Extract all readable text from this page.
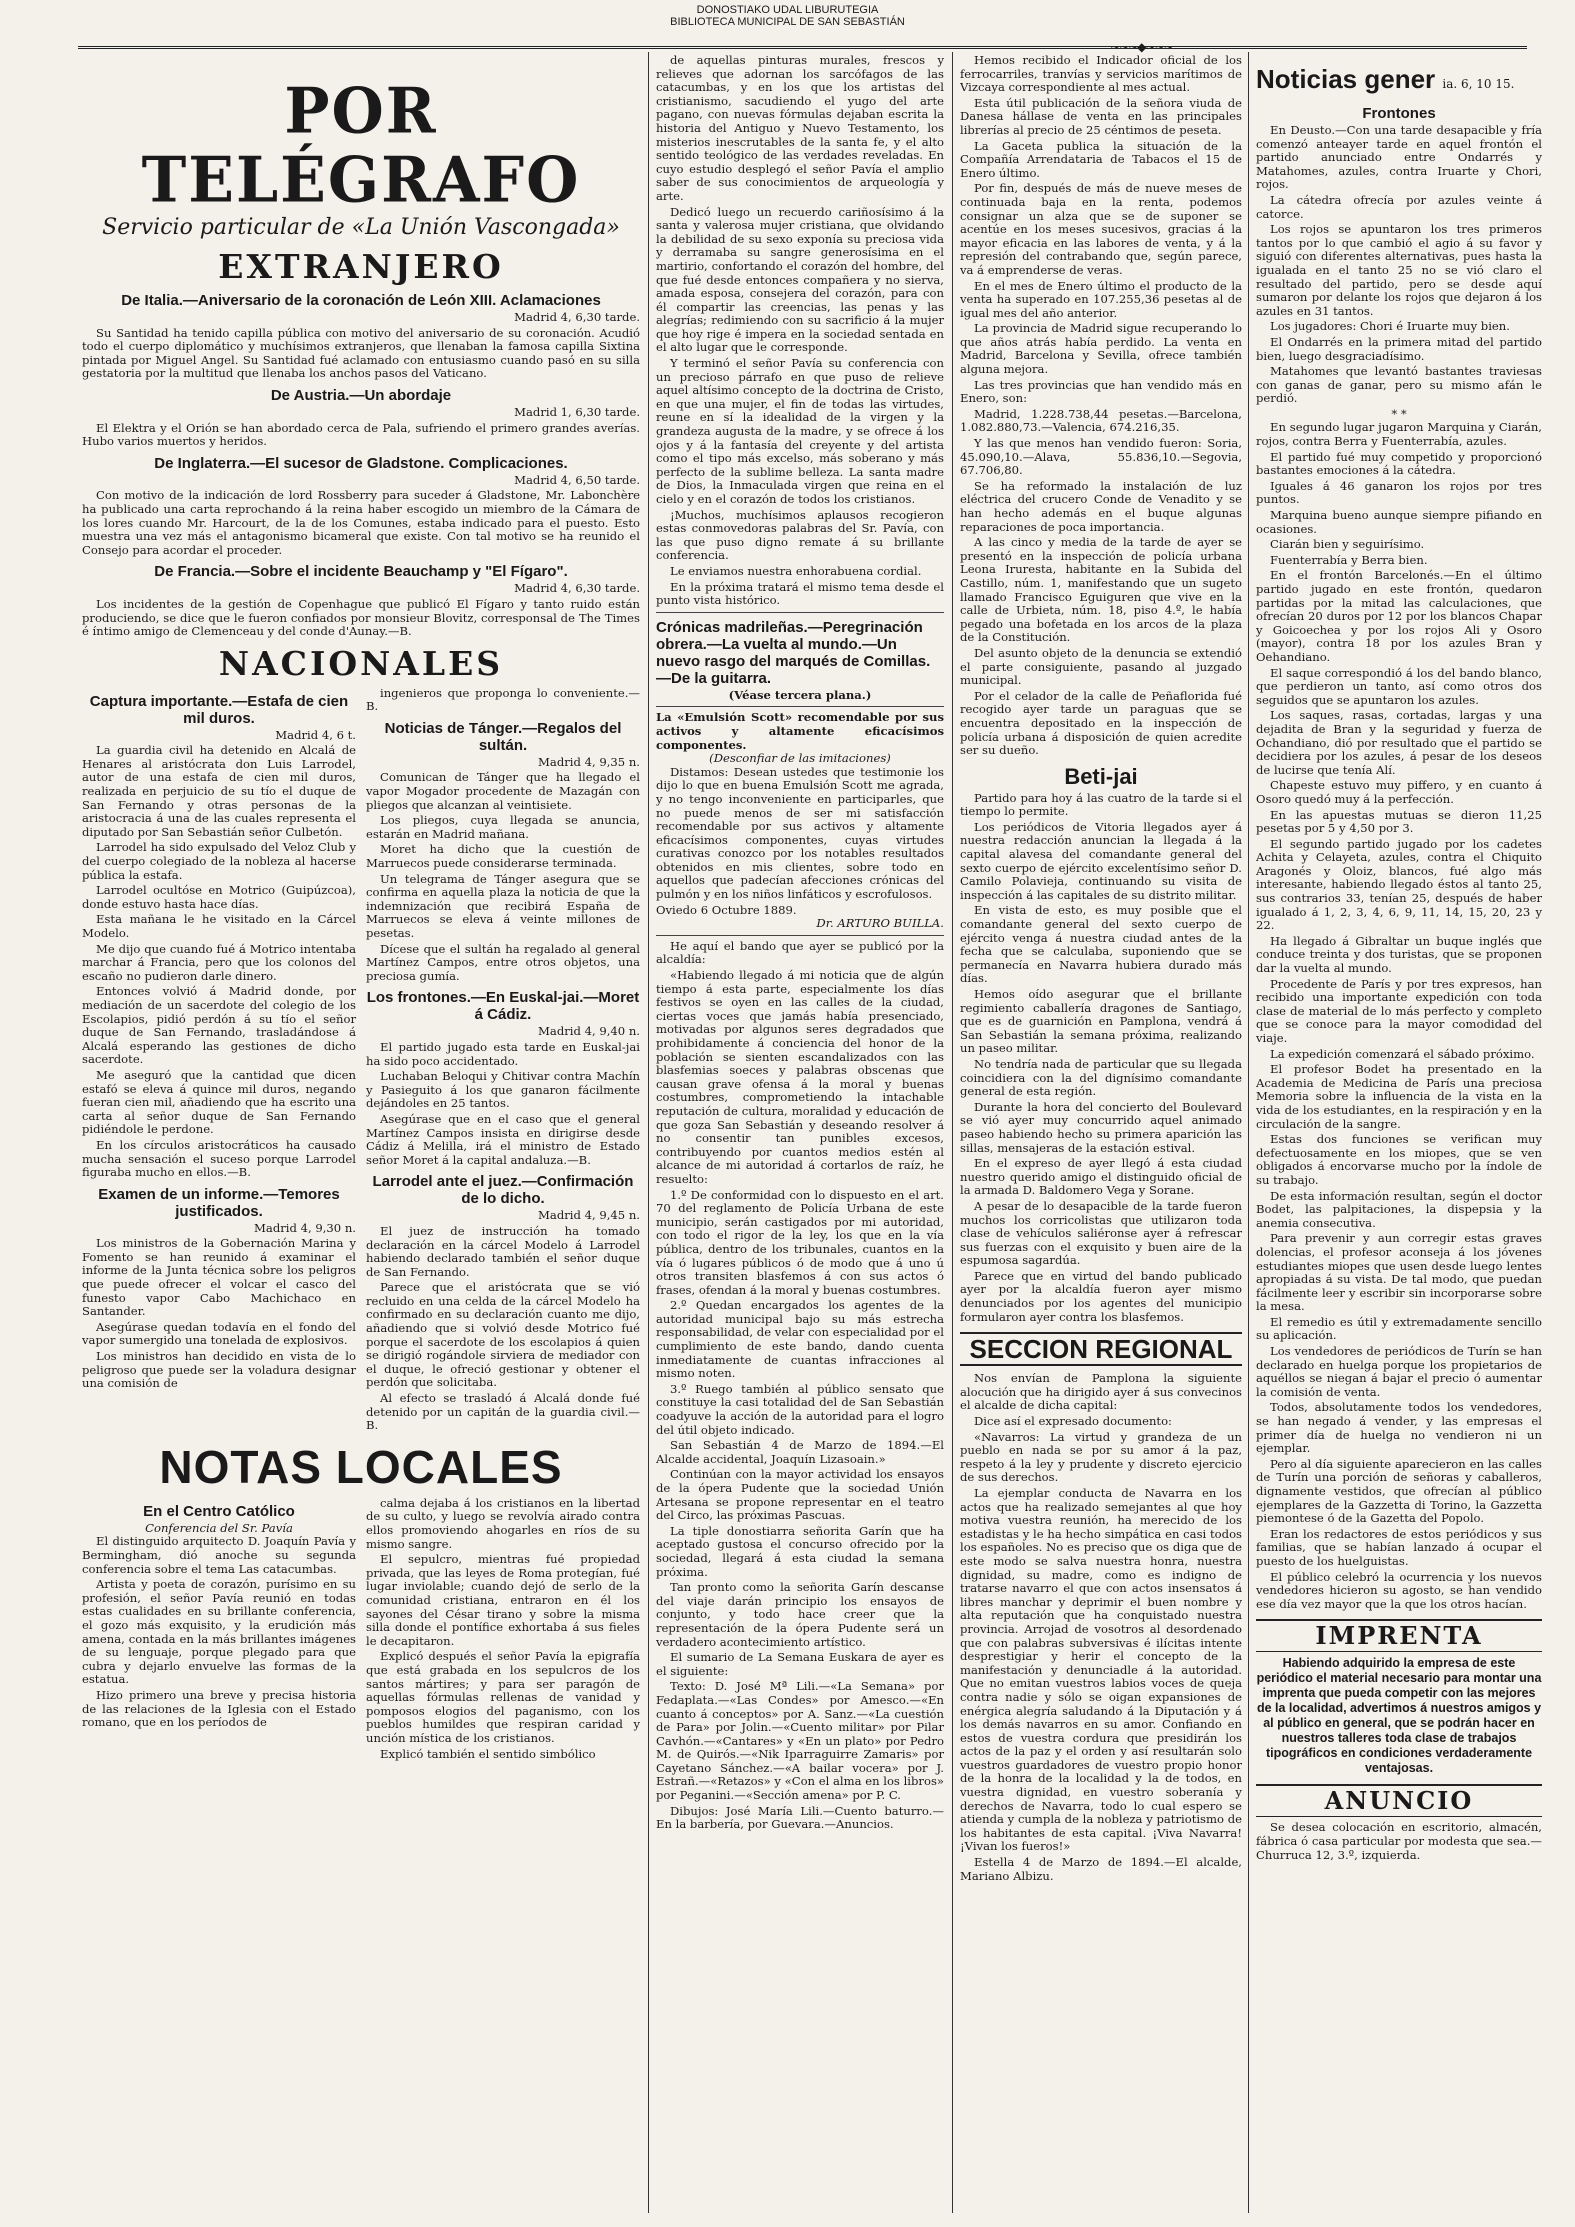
DONOSTIAKO UDAL LIBURUTEGIA
BIBLIOTECA MUNICIPAL DE SAN SEBASTIÁN
~~~◆~~~
POR TELÉGRAFO
Servicio particular de «La Unión Vascongada»
EXTRANJERO
De Italia.—Aniversario de la coronación de León XIII. Aclamaciones
Madrid 4, 6,30 tarde.

Su Santidad ha tenido capilla pública con motivo del aniversario de su coronación. Acudió todo el cuerpo diplomático y muchísimos extranjeros, que llenaban la famosa capilla Sixtina pintada por Miguel Angel. Su Santidad fué aclamado con entusiasmo cuando pasó en su silla gestatoria por la multitud que llenaba los anchos pasos del Vaticano.

De Austria.—Un abordaje
Madrid 1, 6,30 tarde.

El Elektra y el Orión se han abordado cerca de Pala, sufriendo el primero grandes averías. Hubo varios muertos y heridos.

De Inglaterra.—El sucesor de Gladstone. Complicaciones.
Madrid 4, 6,50 tarde.

Con motivo de la indicación de lord Rossberry para suceder á Gladstone, Mr. Labonchère ha publicado una carta reprochando á la reina haber escogido un miembro de la Cámara de los lores cuando Mr. Harcourt, de la de los Comunes, estaba indicado para el puesto. Esto muestra una vez más el antagonismo bicameral que existe. Con tal motivo se ha reunido el Consejo para acordar el proceder.

De Francia.—Sobre el incidente Beauchamp y "El Fígaro".
Madrid 4, 6,30 tarde.

Los incidentes de la gestión de Copenhague que publicó El Fígaro y tanto ruido están produciendo, se dice que le fueron confiados por monsieur Blovitz, corresponsal de The Times é íntimo amigo de Clemenceau y del conde d'Aunay.—B.

NACIONALES
Captura importante.—Estafa de cien mil duros.
Madrid 4, 6 t.

La guardia civil ha detenido en Alcalá de Henares al aristócrata don Luis Larrodel, autor de una estafa de cien mil duros, realizada en perjuicio de su tío el duque de San Fernando y otras personas de la aristocracia á una de las cuales representa el diputado por San Sebastián señor Culbetón.

Larrodel ha sido expulsado del Veloz Club y del cuerpo colegiado de la nobleza al hacerse pública la estafa.

Larrodel ocultóse en Motrico (Guipúzcoa), donde estuvo hasta hace días.

Esta mañana le he visitado en la Cárcel Modelo.

Me dijo que cuando fué á Motrico intentaba marchar á Francia, pero que los colonos del escaño no pudieron darle dinero.

Entonces volvió á Madrid donde, por mediación de un sacerdote del colegio de los Escolapios, pidió perdón á su tío el señor duque de San Fernando, trasladándose á Alcalá esperando las gestiones de dicho sacerdote.

Me aseguró que la cantidad que dicen estafó se eleva á quince mil duros, negando fueran cien mil, añadiendo que ha escrito una carta al señor duque de San Fernando pidiéndole le perdone.

En los círculos aristocráticos ha causado mucha sensación el suceso porque Larrodel figuraba mucho en ellos.—B.

Examen de un informe.—Temores justificados.
Madrid 4, 9,30 n.

Los ministros de la Gobernación Marina y Fomento se han reunido á examinar el informe de la Junta técnica sobre los peligros que puede ofrecer el volcar el casco del funesto vapor Cabo Machichaco en Santander.

Asegúrase quedan todavía en el fondo del vapor sumergido una tonelada de explosivos.

Los ministros han decidido en vista de lo peligroso que puede ser la voladura designar una comisión de

ingenieros que proponga lo conveniente.—B.

Noticias de Tánger.—Regalos del sultán.
Madrid 4, 9,35 n.

Comunican de Tánger que ha llegado el vapor Mogador procedente de Mazagán con pliegos que alcanzan al veintisiete.

Los pliegos, cuya llegada se anuncia, estarán en Madrid mañana.

Moret ha dicho que la cuestión de Marruecos puede considerarse terminada.

Un telegrama de Tánger asegura que se confirma en aquella plaza la noticia de que la indemnización que recibirá España de Marruecos se eleva á veinte millones de pesetas.

Dícese que el sultán ha regalado al general Martínez Campos, entre otros objetos, una preciosa gumía.

Los frontones.—En Euskal-jai.—Moret á Cádiz.
Madrid 4, 9,40 n.

El partido jugado esta tarde en Euskal-jai ha sido poco accidentado.

Luchaban Beloqui y Chitivar contra Machín y Pasieguito á los que ganaron fácilmente dejándoles en 25 tantos.

Asegúrase que en el caso que el general Martínez Campos insista en dirigirse desde Cádiz á Melilla, irá el ministro de Estado señor Moret á la capital andaluza.—B.

Larrodel ante el juez.—Confirmación de lo dicho.
Madrid 4, 9,45 n.

El juez de instrucción ha tomado declaración en la cárcel Modelo á Larrodel habiendo declarado también el señor duque de San Fernando.

Parece que el aristócrata que se vió recluido en una celda de la cárcel Modelo ha confirmado en su declaración cuanto me dijo, añadiendo que si volvió desde Motrico fué porque el sacerdote de los escolapios á quien se dirigió rogándole sirviera de mediador con el duque, le ofreció gestionar y obtener el perdón que solicitaba.

Al efecto se trasladó á Alcalá donde fué detenido por un capitán de la guardia civil.—B.

NOTAS LOCALES
En el Centro Católico
Conferencia del Sr. Pavía

El distinguido arquitecto D. Joaquín Pavía y Bermingham, dió anoche su segunda conferencia sobre el tema Las catacumbas.

Artista y poeta de corazón, purísimo en su profesión, el señor Pavía reunió en todas estas cualidades en su brillante conferencia, el gozo más exquisito, y la erudición más amena, contada en la más brillantes imágenes de su lenguaje, porque plegado para que cubra y dejarlo envuelve las formas de la estatua.

Hizo primero una breve y precisa historia de las relaciones de la Iglesia con el Estado romano, que en los períodos de

calma dejaba á los cristianos en la libertad de su culto, y luego se revolvía airado contra ellos promoviendo ahogarles en ríos de su mismo sangre.

El sepulcro, mientras fué propiedad privada, que las leyes de Roma protegían, fué lugar inviolable; cuando dejó de serlo de la comunidad cristiana, entraron en él los sayones del César tirano y sobre la misma silla donde el pontífice exhortaba á sus fieles le decapitaron.

Explicó después el señor Pavía la epigrafía que está grabada en los sepulcros de los santos mártires; y para ser paragón de aquellas fórmulas rellenas de vanidad y pomposos elogios del paganismo, con los pueblos humildes que respiran caridad y unción mística de los cristianos.

Explicó también el sentido simbólico

de aquellas pinturas murales, frescos y relieves que adornan los sarcófagos de las catacumbas, y en los que los artistas del cristianismo, sacudiendo el yugo del arte pagano, con nuevas fórmulas dejaban escrita la historia del Antiguo y Nuevo Testamento, los misterios inescrutables de la santa fe, y el alto sentido teológico de las verdades reveladas. En cuyo estudio desplegó el señor Pavía el amplio saber de sus conocimientos de arqueología y arte.

Dedicó luego un recuerdo cariñosísimo á la santa y valerosa mujer cristiana, que olvidando la debilidad de su sexo exponía su preciosa vida y derramaba su sangre generosísima en el martirio, confortando el corazón del hombre, del que fué desde entonces compañera y no sierva, amada esposa, consejera del corazón, para con él compartir las creencias, las penas y las alegrías; redimiendo con su sacrificio á la mujer que hoy rige é impera en la sociedad sentada en el alto lugar que le corresponde.

Y terminó el señor Pavía su conferencia con un precioso párrafo en que puso de relieve aquel altísimo concepto de la doctrina de Cristo, en que una mujer, el fin de todas las virtudes, reune en sí la idealidad de la virgen y la grandeza augusta de la madre, y se ofrece á los ojos y á la fantasía del creyente y del artista como el tipo más excelso, más soberano y más perfecto de la sublime belleza. La santa madre de Dios, la Inmaculada virgen que reina en el cielo y en el corazón de todos los cristianos.

¡Muchos, muchísimos aplausos recogieron estas conmovedoras palabras del Sr. Pavía, con las que puso digno remate á su brillante conferencia.

Le enviamos nuestra enhorabuena cordial.

En la próxima tratará el mismo tema desde el punto vista histórico.

Crónicas madrileñas.—Peregrinación obrera.—La vuelta al mundo.—Un nuevo rasgo del marqués de Comillas.—De la guitarra.
(Véase tercera plana.)
La «Emulsión Scott» recomendable por sus activos y altamente eficacísimos componentes.
(Desconfiar de las imitaciones)

Distamos: Desean ustedes que testimonie los dijo lo que en buena Emulsión Scott me agrada, y no tengo inconveniente en participarles, que no puede menos de ser mi satisfacción recomendable por sus activos y altamente eficacísimos componentes, cuyas virtudes curativas conozco por los notables resultados obtenidos en mis clientes, sobre todo en aquellos que padecían afecciones crónicas del pulmón y en los niños linfáticos y escrofulosos.

Oviedo 6 Octubre 1889.
Dr. ARTURO BUILLA.

He aquí el bando que ayer se publicó por la alcaldía:

«Habiendo llegado á mi noticia que de algún tiempo á esta parte, especialmente los días festivos se oyen en las calles de la ciudad, ciertas voces que jamás había presenciado, motivadas por algunos seres degradados que prohibidamente á conciencia del honor de la población se sienten escandalizados con las blasfemias soeces y palabras obscenas que causan grave ofensa á la moral y buenas costumbres, comprometiendo la intachable reputación de cultura, moralidad y educación de que goza San Sebastián y deseando resolver á no consentir tan punibles excesos, contribuyendo por cuantos medios estén al alcance de mi autoridad á cortarlos de raíz, he resuelto:

1.º De conformidad con lo dispuesto en el art. 70 del reglamento de Policía Urbana de este municipio, serán castigados por mi autoridad, con todo el rigor de la ley, los que en la vía pública, dentro de los tribunales, cuantos en la vía ó lugares públicos ó de modo que á uno ú otros transiten blasfemos á con sus actos ó frases, ofendan á la moral y buenas costumbres.

2.º Quedan encargados los agentes de la autoridad municipal bajo su más estrecha responsabilidad, de velar con especialidad por el cumplimiento de este bando, dando cuenta inmediatamente de cuantas infracciones al mismo noten.

3.º Ruego también al público sensato que constituye la casi totalidad del de San Sebastián coadyuve la acción de la autoridad para el logro del útil objeto indicado.

San Sebastián 4 de Marzo de 1894.—El Alcalde accidental, Joaquín Lizasoain.»

Continúan con la mayor actividad los ensayos de la ópera Pudente que la sociedad Unión Artesana se propone representar en el teatro del Circo, las próximas Pascuas.

La tiple donostiarra señorita Garín que ha aceptado gustosa el concurso ofrecido por la sociedad, llegará á esta ciudad la semana próxima.

Tan pronto como la señorita Garín descanse del viaje darán principio los ensayos de conjunto, y todo hace creer que la representación de la ópera Pudente será un verdadero acontecimiento artístico.

El sumario de La Semana Euskara de ayer es el siguiente:

Texto: D. José Mª Lili.—«La Semana» por Fedaplata.—«Las Condes» por Amesco.—«En cuanto á conceptos» por A. Sanz.—«La cuestión de Para» por Jolin.—«Cuento militar» por Pilar Cavhón.—«Cantares» y «En un plato» por Pedro M. de Quirós.—«Nik Iparraguirre Zamaris» por Cayetano Sánchez.—«A bailar vocera» por J. Estrañ.—«Retazos» y «Con el alma en los libros» por Peganini.—«Sección amena» por P. C.

Dibujos: José María Lili.—Cuento baturro.—En la barbería, por Guevara.—Anuncios.

Hemos recibido el Indicador oficial de los ferrocarriles, tranvías y servicios marítimos de Vizcaya correspondiente al mes actual.

Esta útil publicación de la señora viuda de Danesa hállase de venta en las principales librerías al precio de 25 céntimos de peseta.

La Gaceta publica la situación de la Compañía Arrendataria de Tabacos el 15 de Enero último.

Por fin, después de más de nueve meses de continuada baja en la renta, podemos consignar un alza que se de suponer se acentúe en los meses sucesivos, gracias á la mayor eficacia en las labores de venta, y á la represión del contrabando que, según parece, va á emprenderse de veras.

En el mes de Enero último el producto de la venta ha superado en 107.255,36 pesetas al de igual mes del año anterior.

La provincia de Madrid sigue recuperando lo que años atrás había perdido. La venta en Madrid, Barcelona y Sevilla, ofrece también alguna mejora.

Las tres provincias que han vendido más en Enero, son:

Madrid, 1.228.738,44 pesetas.—Barcelona, 1.082.880,73.—Valencia, 674.216,35.

Y las que menos han vendido fueron: Soria, 45.090,10.—Alava, 55.836,10.—Segovia, 67.706,80.

Se ha reformado la instalación de luz eléctrica del crucero Conde de Venadito y se han hecho además en el buque algunas reparaciones de poca importancia.

A las cinco y media de la tarde de ayer se presentó en la inspección de policía urbana Leona Iruresta, habitante en la Subida del Castillo, núm. 1, manifestando que un sugeto llamado Francisco Eguiguren que vive en la calle de Urbieta, núm. 18, piso 4.º, le había pegado una bofetada en los arcos de la plaza de la Constitución.

Del asunto objeto de la denuncia se extendió el parte consiguiente, pasando al juzgado municipal.

Por el celador de la calle de Peñaflorida fué recogido ayer tarde un paraguas que se encuentra depositado en la inspección de policía urbana á disposición de quien acredite ser su dueño.

Beti-jai

Partido para hoy á las cuatro de la tarde si el tiempo lo permite.

Los periódicos de Vitoria llegados ayer á nuestra redacción anuncian la llegada á la capital alavesa del comandante general del sexto cuerpo de ejército excelentísimo señor D. Camilo Polavieja, continuando su visita de inspección á las capitales de su distrito militar.

En vista de esto, es muy posible que el comandante general del sexto cuerpo de ejército venga á nuestra ciudad antes de la fecha que se calculaba, suponiendo que se permanecía en Navarra hubiera durado más días.

Hemos oído asegurar que el brillante regimiento caballería dragones de Santiago, que es de guarnición en Pamplona, vendrá á San Sebastián la semana próxima, realizando un paseo militar.

No tendría nada de particular que su llegada coincidiera con la del dignísimo comandante general de esta región.

Durante la hora del concierto del Boulevard se vió ayer muy concurrido aquel animado paseo habiendo hecho su primera aparición las sillas, mensajeras de la estación estival.

En el expreso de ayer llegó á esta ciudad nuestro querido amigo el distinguido oficial de la armada D. Baldomero Vega y Sorane.

A pesar de lo desapacible de la tarde fueron muchos los corricolistas que utilizaron toda clase de vehículos saliéronse ayer á refrescar sus fuerzas con el exquisito y buen aire de la espumosa sagardúa.

Parece que en virtud del bando publicado ayer por la alcaldía fueron ayer mismo denunciados por los agentes del municipio formularon ayer contra los blasfemos.

SECCION REGIONAL

Nos envían de Pamplona la siguiente alocución que ha dirigido ayer á sus convecinos el alcalde de dicha capital:

Dice así el expresado documento:

«Navarros: La virtud y grandeza de un pueblo en nada se por su amor á la paz, respeto á la ley y prudente y discreto ejercicio de sus derechos.

La ejemplar conducta de Navarra en los actos que ha realizado semejantes al que hoy motiva vuestra reunión, ha merecido de los estadistas y le ha hecho simpática en casi todos los españoles. No es preciso que os diga que de este modo se salva nuestra honra, nuestra dignidad, su madre, como es indigno de tratarse navarro el que con actos insensatos á libres manchar y deprimir el buen nombre y alta reputación que ha conquistado nuestra provincia. Arrojad de vosotros al desordenado que con palabras subversivas é ilícitas intente desprestigiar y herir el concepto de la manifestación y denunciadle á la autoridad. Que no emitan vuestros labios voces de queja contra nadie y sólo se oigan expansiones de enérgica alegría saludando á la Diputación y á los demás navarros en su amor. Confiando en estos de vuestra cordura que presidirán los actos de la paz y el orden y así resultarán solo vuestros guardadores de vuestro propio honor de la honra de la localidad y la de todos, en vuestra dignidad, en vuestro soberanía y derechos de Navarra, todo lo cual espero se atienda y cumpla de la nobleza y patriotismo de los habitantes de esta capital. ¡Viva Navarra! ¡Vivan los fueros!»

Estella 4 de Marzo de 1894.—El alcalde, Mariano Albizu.

Noticias gener ia. 6, 10 15.
Frontones

En Deusto.—Con una tarde desapacible y fría comenzó anteayer tarde en aquel frontón el partido anunciado entre Ondarrés y Matahomes, azules, contra Iruarte y Chori, rojos.

La cátedra ofrecía por azules veinte á catorce.

Los rojos se apuntaron los tres primeros tantos por lo que cambió el agio á su favor y siguió con diferentes alternativas, pues hasta la igualada en el tanto 25 no se vió claro el resultado del partido, pero se desde aquí sumaron por delante los rojos que dejaron á los azules en 31 tantos.

Los jugadores: Chori é Iruarte muy bien.

El Ondarrés en la primera mitad del partido bien, luego desgraciadísimo.

Matahomes que levantó bastantes traviesas con ganas de ganar, pero su mismo afán le perdió.

* *

En segundo lugar jugaron Marquina y Ciarán, rojos, contra Berra y Fuenterrabía, azules.

El partido fué muy competido y proporcionó bastantes emociones á la cátedra.

Iguales á 46 ganaron los rojos por tres puntos.

Marquina bueno aunque siempre pifiando en ocasiones.

Ciarán bien y seguirísimo.

Fuenterrabía y Berra bien.

En el frontón Barcelonés.—En el último partido jugado en este frontón, quedaron partidas por la mitad las calculaciones, que ofrecían 20 duros por 12 por los blancos Chapar y Goicoechea y por los rojos Ali y Osoro (mayor), contra 18 por los azules Bran y Oehandiano.

El saque correspondió á los del bando blanco, que perdieron un tanto, así como otros dos seguidos que se apuntaron los azules.

Los saques, rasas, cortadas, largas y una dejadita de Bran y la seguridad y fuerza de Ochandiano, dió por resultado que el partido se decidiera por los azules, á pesar de los deseos de lucirse que tenía Alí.

Chapeste estuvo muy piffero, y en cuanto á Osoro quedó muy á la perfección.

En las apuestas mutuas se dieron 11,25 pesetas por 5 y 4,50 por 3.

El segundo partido jugado por los cadetes Achita y Celayeta, azules, contra el Chiquito Aragonés y Oloiz, blancos, fué algo más interesante, habiendo llegado éstos al tanto 25, sus contrarios 33, tenían 25, después de haber igualado á 1, 2, 3, 4, 6, 9, 11, 14, 15, 20, 23 y 22.

Ha llegado á Gibraltar un buque inglés que conduce treinta y dos turistas, que se proponen dar la vuelta al mundo.

Procedente de París y por tres expresos, han recibido una importante expedición con toda clase de material de lo más perfecto y completo que se conoce para la mayor comodidad del viaje.

La expedición comenzará el sábado próximo.

El profesor Bodet ha presentado en la Academia de Medicina de París una preciosa Memoria sobre la influencia de la vista en la vida de los estudiantes, en la respiración y en la circulación de la sangre.

Estas dos funciones se verifican muy defectuosamente en los miopes, que se ven obligados á encorvarse mucho por la índole de su trabajo.

De esta información resultan, según el doctor Bodet, las palpitaciones, la dispepsia y la anemia consecutiva.

Para prevenir y aun corregir estas graves dolencias, el profesor aconseja á los jóvenes estudiantes miopes que usen desde luego lentes apropiadas á su vista. De tal modo, que puedan fácilmente leer y escribir sin incorporarse sobre la mesa.

El remedio es útil y extremadamente sencillo su aplicación.

Los vendedores de periódicos de Turín se han declarado en huelga porque los propietarios de aquéllos se niegan á bajar el precio ó aumentar la comisión de venta.

Todos, absolutamente todos los vendedores, se han negado á vender, y las empresas el primer día de huelga no vendieron ni un ejemplar.

Pero al día siguiente aparecieron en las calles de Turín una porción de señoras y caballeros, dignamente vestidos, que ofrecían al público ejemplares de la Gazzetta di Torino, la Gazzetta piemontese ó de la Gazetta del Popolo.

Eran los redactores de estos periódicos y sus familias, que se habían lanzado á ocupar el puesto de los huelguistas.

El público celebró la ocurrencia y los nuevos vendedores hicieron su agosto, se han vendido ese día vez mayor que la que los otros hacían.

IMPRENTA
Habiendo adquirido la empresa de este periódico el material necesario para montar una imprenta que pueda competir con las mejores de la localidad, advertimos á nuestros amigos y al público en general, que se podrán hacer en nuestros talleres toda clase de trabajos tipográficos en condiciones verdaderamente ventajosas.
ANUNCIO

Se desea colocación en escritorio, almacén, fábrica ó casa particular por modesta que sea.—Churruca 12, 3.º, izquierda.
